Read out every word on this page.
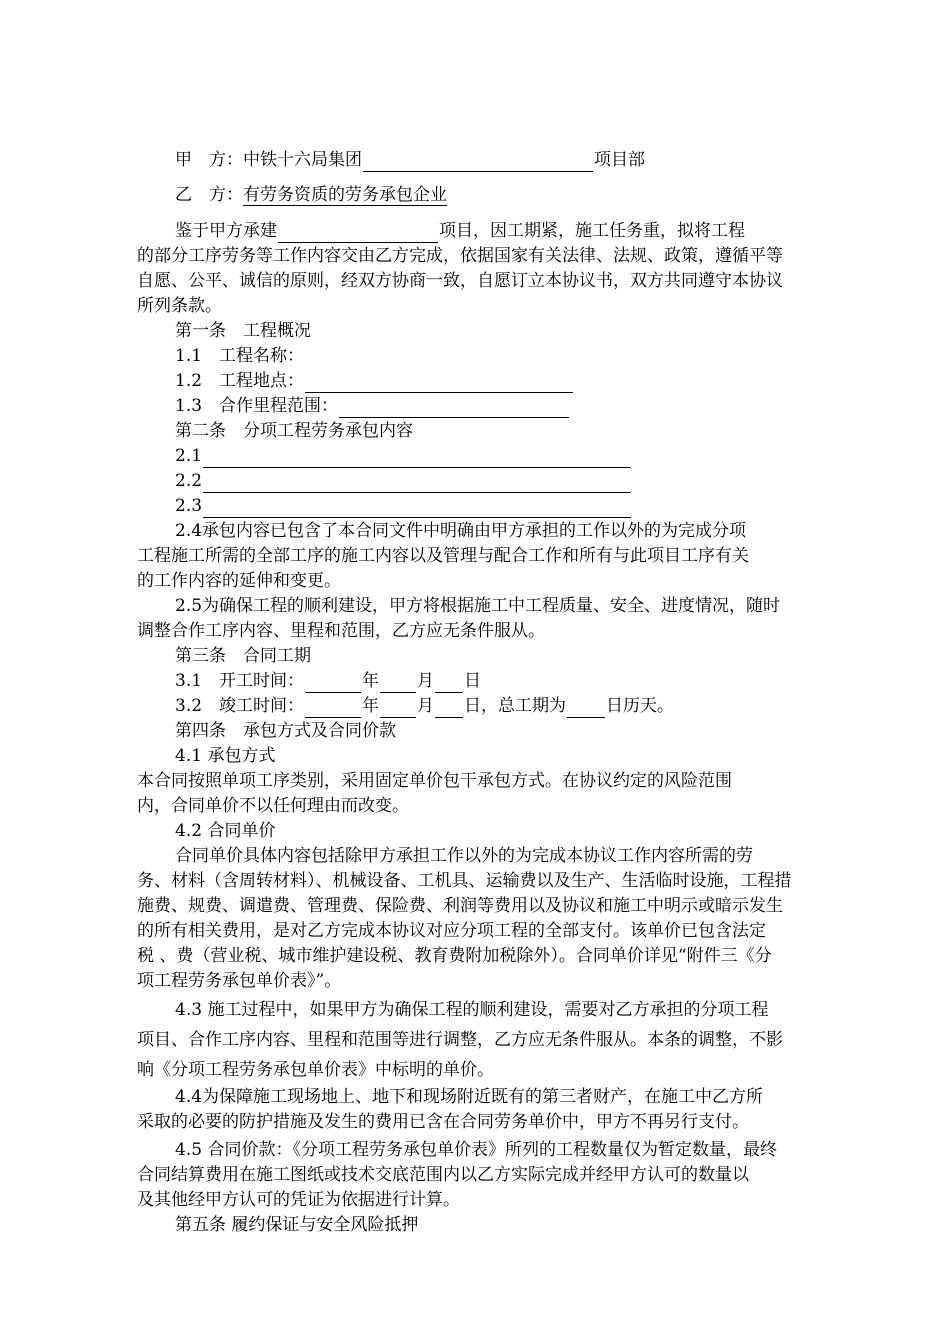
甲　方：中铁十六局集团	项目部
乙　方：有劳务资质的劳务承包企业
鉴于甲方承建	项目，因工期紧，施工任务重，拟将工程
的部分工序劳务等工作内容交由乙方完成，依据国家有关法律、法规、政策，遵循平等
自愿、公平、诚信的原则，经双方协商一致，自愿订立本协议书，双方共同遵守本协议
所列条款。
第一条　工程概况
1.1　工程名称：
1.2　工程地点：
1.3　合作里程范围：
第二条　分项工程劳务承包内容
2.1
2.2
2.3
2.4承包内容已包含了本合同文件中明确由甲方承担的工作以外的为完成分项
工程施工所需的全部工序的施工内容以及管理与配合工作和所有与此项目工序有关
的工作内容的延伸和变更。
2.5为确保工程的顺利建设，甲方将根据施工中工程质量、安全、进度情况，随时
调整合作工序内容、里程和范围，乙方应无条件服从。
第三条　合同工期
3.1　开工时间：	年 月 日
3.2　竣工时间：	年 月 日，总工期为 日历天。
第四条　承包方式及合同价款
4.1 承包方式
本合同按照单项工序类别，采用固定单价包干承包方式。在协议约定的风险范围
内，合同单价不以任何理由而改变。
4.2 合同单价
合同单价具体内容包括除甲方承担工作以外的为完成本协议工作内容所需的劳
务、材料（含周转材料）、机械设备、工机具、运输费以及生产、生活临时设施，工程措
施费、规费、调遣费、管理费、保险费、利润等费用以及协议和施工中明示或暗示发生
的所有相关费用，是对乙方完成本协议对应分项工程的全部支付。该单价已包含法定
税 、费（营业税、城市维护建设税、教育费附加税除外）。合同单价详见“附件三《分
项工程劳务承包单价表》”。
4.3 施工过程中，如果甲方为确保工程的顺利建设，需要对乙方承担的分项工程
项目、合作工序内容、里程和范围等进行调整，乙方应无条件服从。本条的调整，不影
响《分项工程劳务承包单价表》中标明的单价。
4.4为保障施工现场地上、地下和现场附近既有的第三者财产，在施工中乙方所
采取的必要的防护措施及发生的费用已含在合同劳务单价中，甲方不再另行支付。
4.5 合同价款：《分项工程劳务承包单价表》所列的工程数量仅为暂定数量，最终
合同结算费用在施工图纸或技术交底范围内以乙方实际完成并经甲方认可的数量以
及其他经甲方认可的凭证为依据进行计算。
第五条 履约保证与安全风险抵押
